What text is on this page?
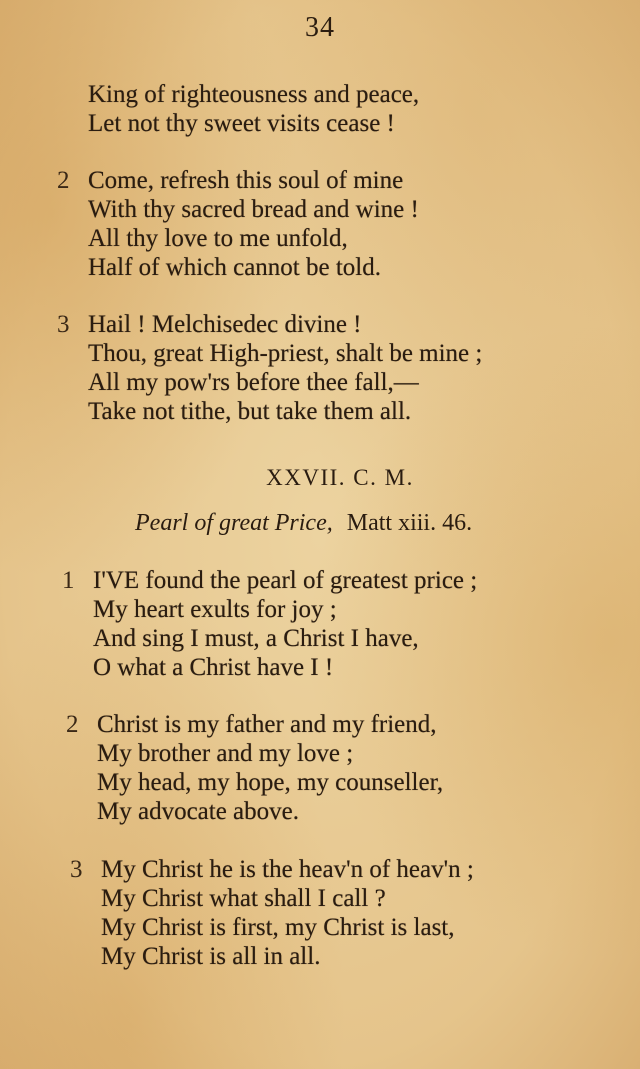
34
King of righteousness and peace,
Let not thy sweet visits cease !
2 Come, refresh this soul of mine
With thy sacred bread and wine !
All thy love to me unfold,
Half of which cannot be told.
3 Hail ! Melchisedec divine !
Thou, great High-priest, shalt be mine ;
All my pow'rs before thee fall,—
Take not tithe, but take them all.
XXVII. C. M.
Pearl of great Price, Matt xiii. 46.
1 I'VE found the pearl of greatest price ;
My heart exults for joy ;
And sing I must, a Christ I have,
O what a Christ have I !
2 Christ is my father and my friend,
My brother and my love ;
My head, my hope, my counseller,
My advocate above.
3 My Christ he is the heav'n of heav'n ;
My Christ what shall I call ?
My Christ is first, my Christ is last,
My Christ is all in all.
